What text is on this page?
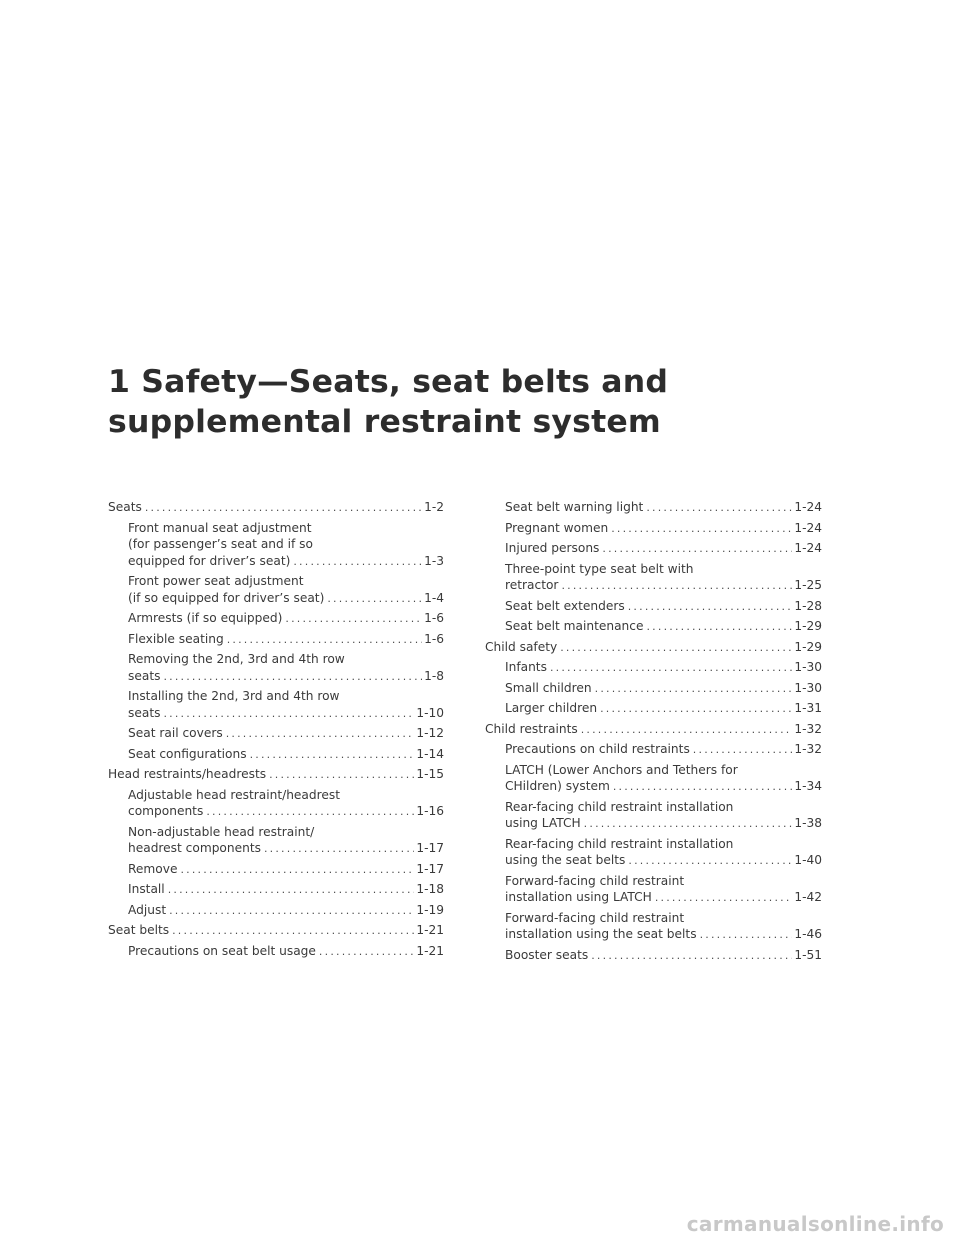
1 Safety—Seats, seat belts and
supplemental restraint system
Seats .....	1-2
Front manual seat adjustment
(for passenger’s seat and if so
equipped for driver’s seat) .....	1-3
Front power seat adjustment
(if so equipped for driver’s seat) .....	1-4
Armrests (if so equipped) .....	1-6
Flexible seating .....	1-6
Removing the 2nd, 3rd and 4th row
seats .....	1-8
Installing the 2nd, 3rd and 4th row
seats .....	1-10
Seat rail covers .....	1-12
Seat configurations .....	1-14
Head restraints/headrests .....	1-15
Adjustable head restraint/headrest
components .....	1-16
Non-adjustable head restraint/
headrest components .....	1-17
Remove .....	1-17
Install .....	1-18
Adjust .....	1-19
Seat belts .....	1-21
Precautions on seat belt usage .....	1-21
Seat belt warning light .....	1-24
Pregnant women .....	1-24
Injured persons .....	1-24
Three-point type seat belt with
retractor .....	1-25
Seat belt extenders .....	1-28
Seat belt maintenance .....	1-29
Child safety .....	1-29
Infants .....	1-30
Small children .....	1-30
Larger children .....	1-31
Child restraints .....	1-32
Precautions on child restraints .....	1-32
LATCH (Lower Anchors and Tethers for
CHildren) system .....	1-34
Rear-facing child restraint installation
using LATCH .....	1-38
Rear-facing child restraint installation
using the seat belts .....	1-40
Forward-facing child restraint
installation using LATCH .....	1-42
Forward-facing child restraint
installation using the seat belts .....	1-46
Booster seats .....	1-51
carmanualsonline.info
